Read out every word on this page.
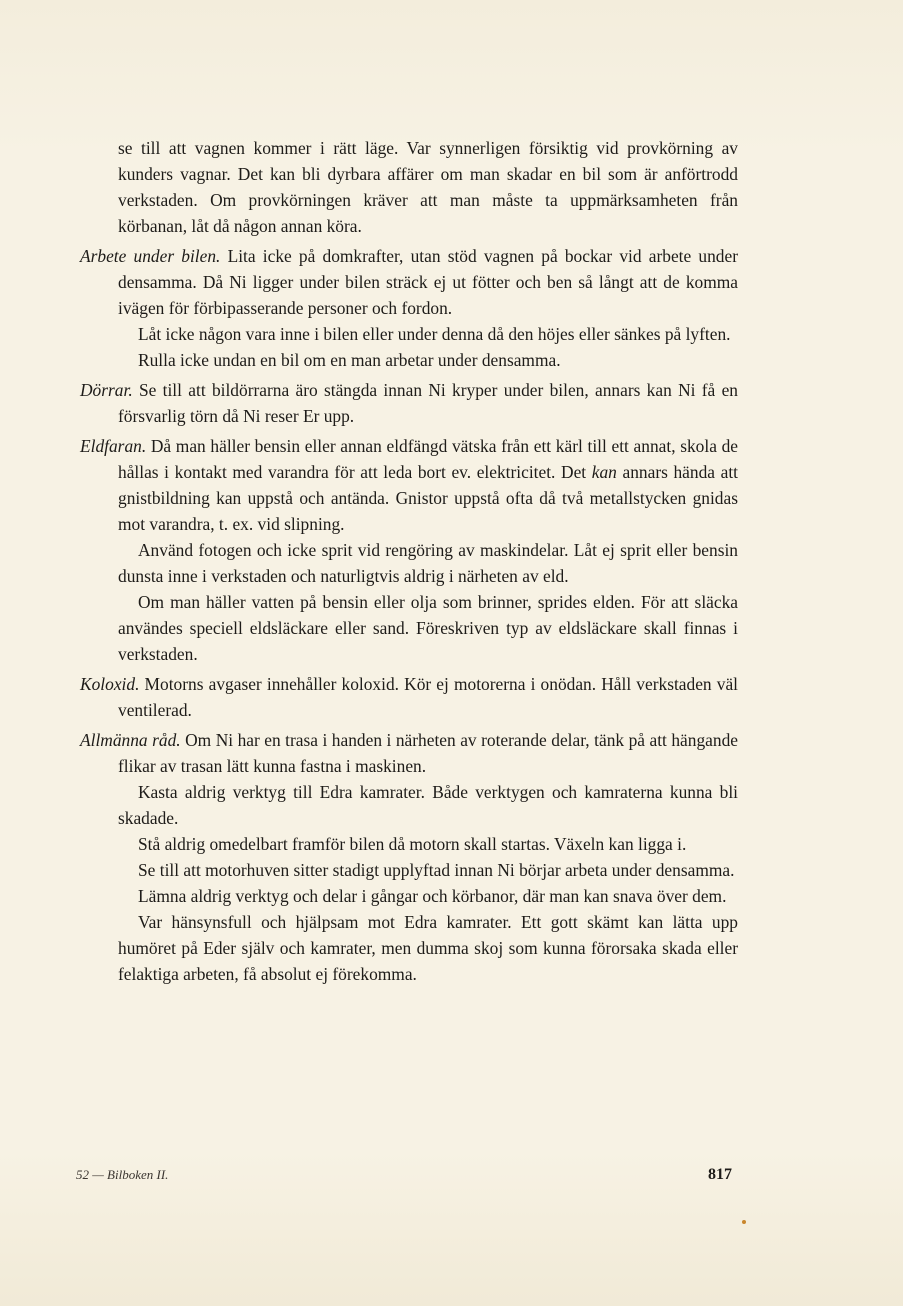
se till att vagnen kommer i rätt läge. Var synnerligen försiktig vid provkörning av kunders vagnar. Det kan bli dyrbara affärer om man skadar en bil som är anförtrodd verkstaden. Om provkörningen kräver att man måste ta uppmärksamheten från körbanan, låt då någon annan köra.

Arbete under bilen. Lita icke på domkrafter, utan stöd vagnen på bockar vid arbete under densamma. Då Ni ligger under bilen sträck ej ut fötter och ben så långt att de komma ivägen för förbipasserande personer och fordon.

Låt icke någon vara inne i bilen eller under denna då den höjes eller sänkes på lyften.

Rulla icke undan en bil om en man arbetar under densamma.

Dörrar. Se till att bildörrarna äro stängda innan Ni kryper under bilen, annars kan Ni få en försvarlig törn då Ni reser Er upp.

Eldfaran. Då man häller bensin eller annan eldfängd vätska från ett kärl till ett annat, skola de hållas i kontakt med varandra för att leda bort ev. elektricitet. Det kan annars hända att gnistbildning kan uppstå och antända. Gnistor uppstå ofta då två metallstycken gnidas mot varandra, t. ex. vid slipning.

Använd fotogen och icke sprit vid rengöring av maskindelar. Låt ej sprit eller bensin dunsta inne i verkstaden och naturligtvis aldrig i närheten av eld.

Om man häller vatten på bensin eller olja som brinner, sprides elden. För att släcka användes speciell eldsläckare eller sand. Föreskriven typ av eldsläckare skall finnas i verkstaden.

Koloxid. Motorns avgaser innehåller koloxid. Kör ej motorerna i onödan. Håll verkstaden väl ventilerad.

Allmänna råd. Om Ni har en trasa i handen i närheten av roterande delar, tänk på att hängande flikar av trasan lätt kunna fastna i maskinen.

Kasta aldrig verktyg till Edra kamrater. Både verktygen och kamraterna kunna bli skadade.

Stå aldrig omedelbart framför bilen då motorn skall startas. Växeln kan ligga i.

Se till att motorhuven sitter stadigt upplyftad innan Ni börjar arbeta under densamma.

Lämna aldrig verktyg och delar i gångar och körbanor, där man kan snava över dem.

Var hänsynsfull och hjälpsam mot Edra kamrater. Ett gott skämt kan lätta upp humöret på Eder själv och kamrater, men dumma skoj som kunna förorsaka skada eller felaktiga arbeten, få absolut ej förekomma.

52 — Bilboken II.	817
